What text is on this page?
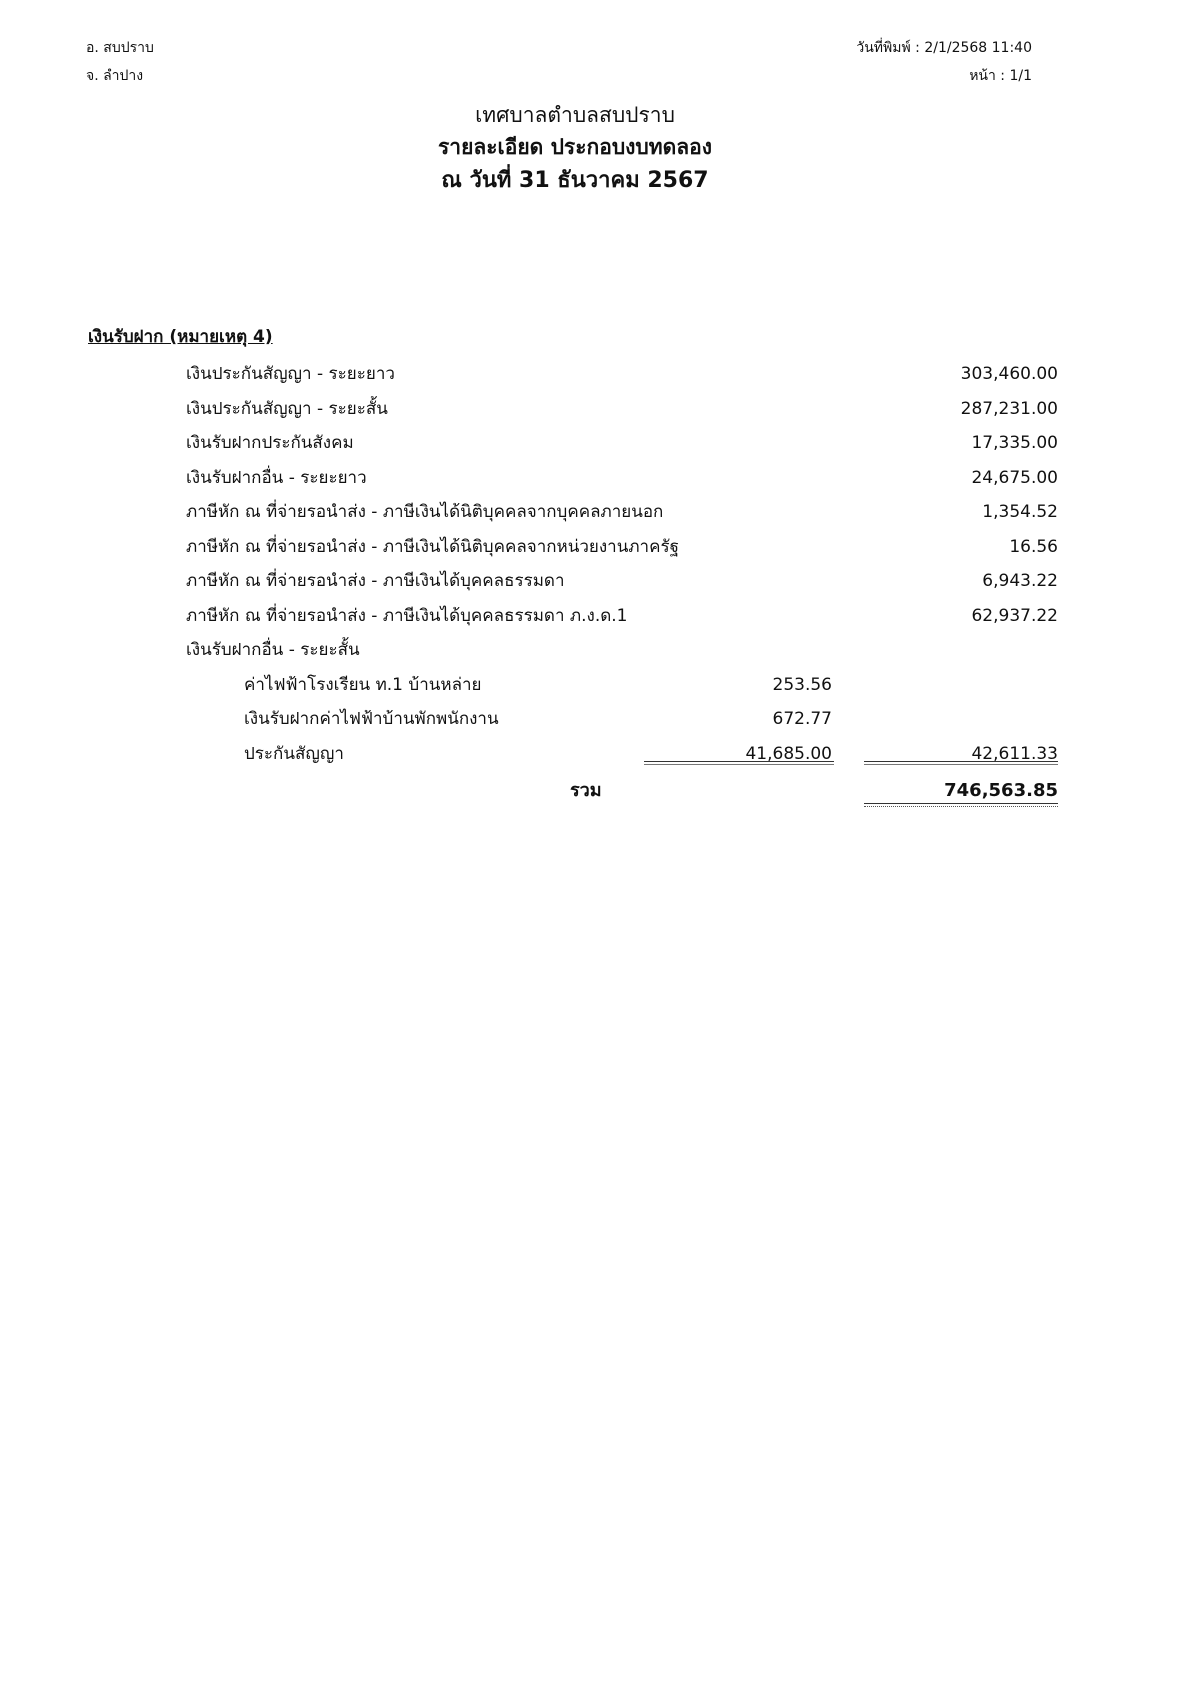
อ. สบปราบ
จ. ลำปาง
วันที่พิมพ์ : 2/1/2568 11:40
หน้า : 1/1
เทศบาลตำบลสบปราบ
รายละเอียด ประกอบงบทดลอง
ณ วันที่ 31 ธันวาคม 2567
เงินรับฝาก (หมายเหตุ 4)
เงินประกันสัญญา - ระยะยาว	303,460.00
เงินประกันสัญญา - ระยะสั้น	287,231.00
เงินรับฝากประกันสังคม	17,335.00
เงินรับฝากอื่น - ระยะยาว	24,675.00
ภาษีหัก ณ ที่จ่ายรอนำส่ง - ภาษีเงินได้นิติบุคคลจากบุคคลภายนอก	1,354.52
ภาษีหัก ณ ที่จ่ายรอนำส่ง - ภาษีเงินได้นิติบุคคลจากหน่วยงานภาครัฐ	16.56
ภาษีหัก ณ ที่จ่ายรอนำส่ง - ภาษีเงินได้บุคคลธรรมดา	6,943.22
ภาษีหัก ณ ที่จ่ายรอนำส่ง - ภาษีเงินได้บุคคลธรรมดา ภ.ง.ด.1	62,937.22
เงินรับฝากอื่น - ระยะสั้น
ค่าไฟฟ้าโรงเรียน ท.1 บ้านหล่าย	253.56
เงินรับฝากค่าไฟฟ้าบ้านพักพนักงาน	672.77
ประกันสัญญา	41,685.00	42,611.33
รวม	746,563.85
